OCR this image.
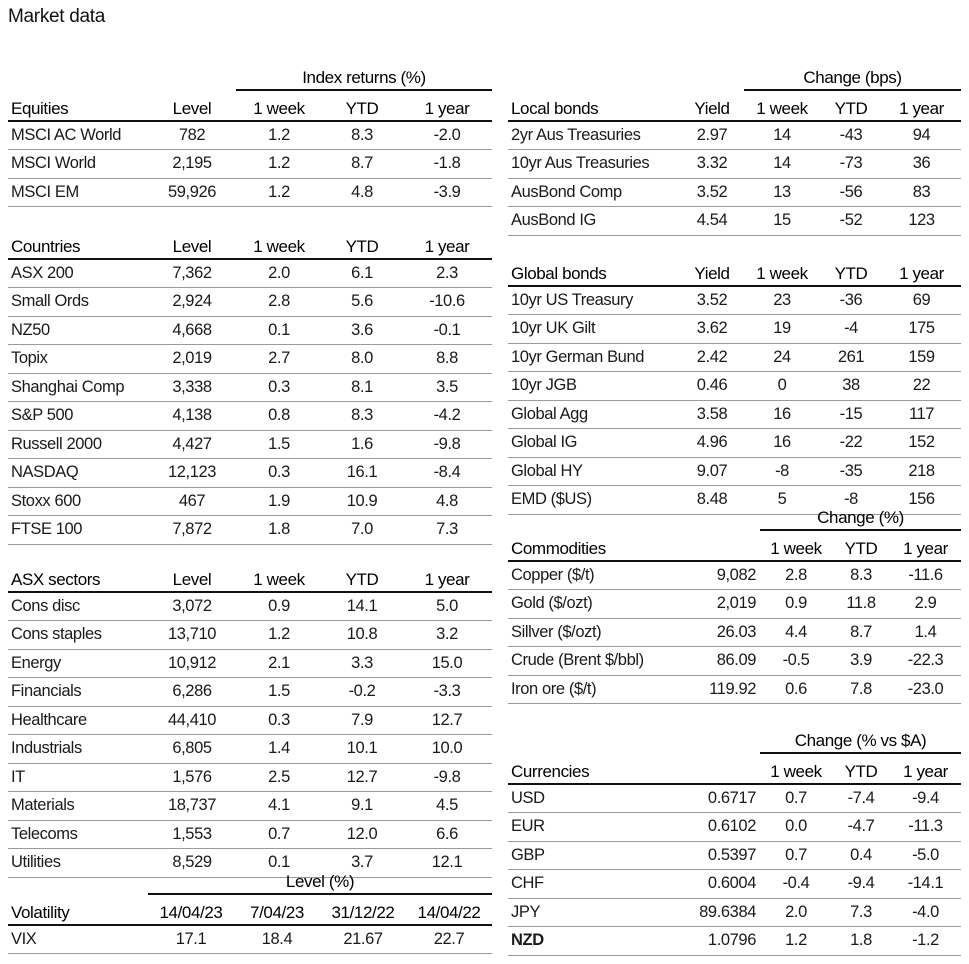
Market data
		Index returns (%)		
Equities	Level	1 week	YTD	1 year
MSCI AC World	782	1.2	8.3	-2.0
MSCI World	2,195	1.2	8.7	-1.8
MSCI EM	59,926	1.2	4.8	-3.9
Countries	Level	1 week	YTD	1 year
ASX 200	7,362	2.0	6.1	2.3
Small Ords	2,924	2.8	5.6	-10.6
NZ50	4,668	0.1	3.6	-0.1
Topix	2,019	2.7	8.0	8.8
Shanghai Comp	3,338	0.3	8.1	3.5
S&P 500	4,138	0.8	8.3	-4.2
Russell 2000	4,427	1.5	1.6	-9.8
NASDAQ	12,123	0.3	16.1	-8.4
Stoxx 600	467	1.9	10.9	4.8
FTSE 100	7,872	1.8	7.0	7.3
ASX sectors	Level	1 week	YTD	1 year
Cons disc	3,072	0.9	14.1	5.0
Cons staples	13,710	1.2	10.8	3.2
Energy	10,912	2.1	3.3	15.0
Financials	6,286	1.5	-0.2	-3.3
Healthcare	44,410	0.3	7.9	12.7
Industrials	6,805	1.4	10.1	10.0
IT	1,576	2.5	12.7	-9.8
Materials	18,737	4.1	9.1	4.5
Telecoms	1,553	0.7	12.0	6.6
Utilities	8,529	0.1	3.7	12.1
	Level (%)			
Volatility	14/04/23	7/04/23	31/12/22	14/04/22
VIX	17.1	18.4	21.67	22.7
		Change (bps)		
Local bonds	Yield	1 week	YTD	1 year
2yr Aus Treasuries	2.97	14	-43	94
10yr Aus Treasuries	3.32	14	-73	36
AusBond Comp	3.52	13	-56	83
AusBond IG	4.54	15	-52	123
Global bonds	Yield	1 week	YTD	1 year
10yr US Treasury	3.52	23	-36	69
10yr UK Gilt	3.62	19	-4	175
10yr German Bund	2.42	24	261	159
10yr JGB	0.46	0	38	22
Global Agg	3.58	16	-15	117
Global IG	4.96	16	-22	152
Global HY	9.07	-8	-35	218
EMD ($US)	8.48	5	-8	156
		Change (%)		
Commodities		1 week	YTD	1 year
Copper ($/t)	9,082	2.8	8.3	-11.6
Gold ($/ozt)	2,019	0.9	11.8	2.9
Sillver ($/ozt)	26.03	4.4	8.7	1.4
Crude (Brent $/bbl)	86.09	-0.5	3.9	-22.3
Iron ore ($/t)	119.92	0.6	7.8	-23.0
		Change (% vs $A)		
Currencies		1 week	YTD	1 year
USD	0.6717	0.7	-7.4	-9.4
EUR	0.6102	0.0	-4.7	-11.3
GBP	0.5397	0.7	0.4	-5.0
CHF	0.6004	-0.4	-9.4	-14.1
JPY	89.6384	2.0	7.3	-4.0
NZD	1.0796	1.2	1.8	-1.2
